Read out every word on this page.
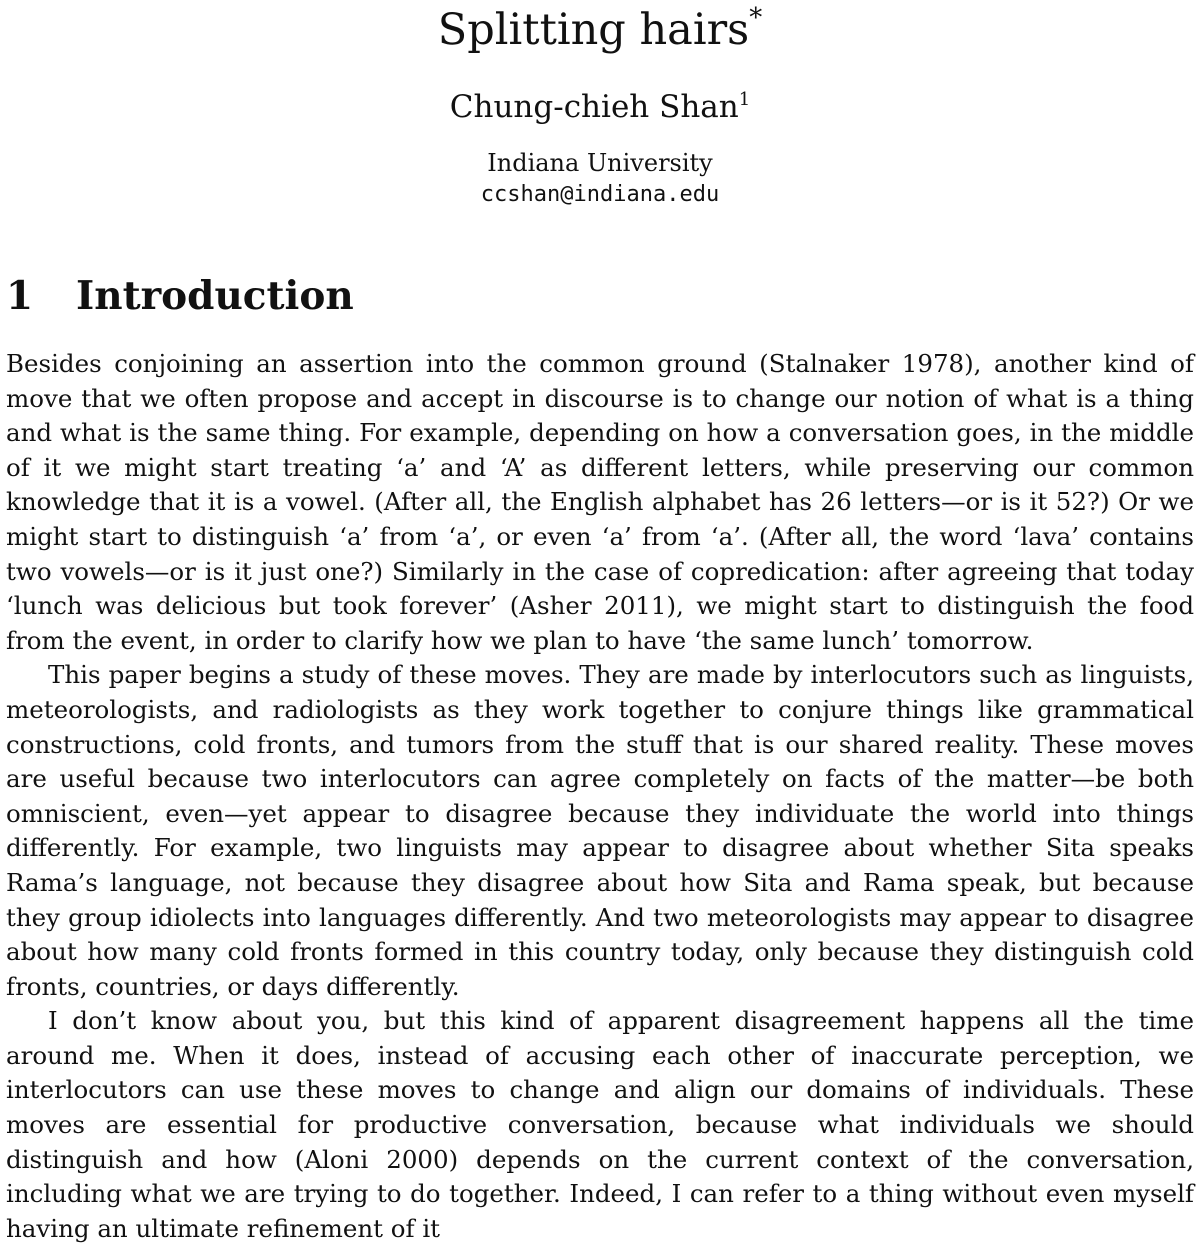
Splitting hairs*
Chung-chieh Shan$^1$
Indiana University
ccshan@indiana.edu
1 Introduction

Besides conjoining an assertion into the common ground (Stalnaker 1978), another kind of move that we often propose and accept in discourse is to change our notion of what is a thing and what is the same thing. For example, depending on how a conversation goes, in the middle of it we might start treating ‘a’ and ‘A’ as different letters, while preserving our common knowledge that it is a vowel. (After all, the English alphabet has 26 letters—or is it 52?) Or we might start to distinguish ‘a’ from ‘a’, or even ‘a’ from ‘a’. (After all, the word ‘lava’ contains two vowels—or is it just one?) Similarly in the case of copredication: after agreeing that today ‘lunch was delicious but took forever’ (Asher 2011), we might start to distinguish the food from the event, in order to clarify how we plan to have ‘the same lunch’ tomorrow.

This paper begins a study of these moves. They are made by interlocutors such as linguists, meteorologists, and radiologists as they work together to conjure things like grammatical constructions, cold fronts, and tumors from the stuff that is our shared reality. These moves are useful because two interlocutors can agree completely on facts of the matter—be both omniscient, even—yet appear to disagree because they individuate the world into things differently. For example, two linguists may appear to disagree about whether Sita speaks Rama’s language, not because they disagree about how Sita and Rama speak, but because they group idiolects into languages differently. And two meteorologists may appear to disagree about how many cold fronts formed in this country today, only because they distinguish cold fronts, countries, or days differently.

I don’t know about you, but this kind of apparent disagreement happens all the time around me. When it does, instead of accusing each other of inaccurate perception, we interlocutors can use these moves to change and align our domains of individuals. These moves are essential for productive conversation, because what individuals we should distinguish and how (Aloni 2000) depends on the current context of the conversation, including what we are trying to do together. Indeed, I can refer to a thing without even myself having an ultimate refinement of it
